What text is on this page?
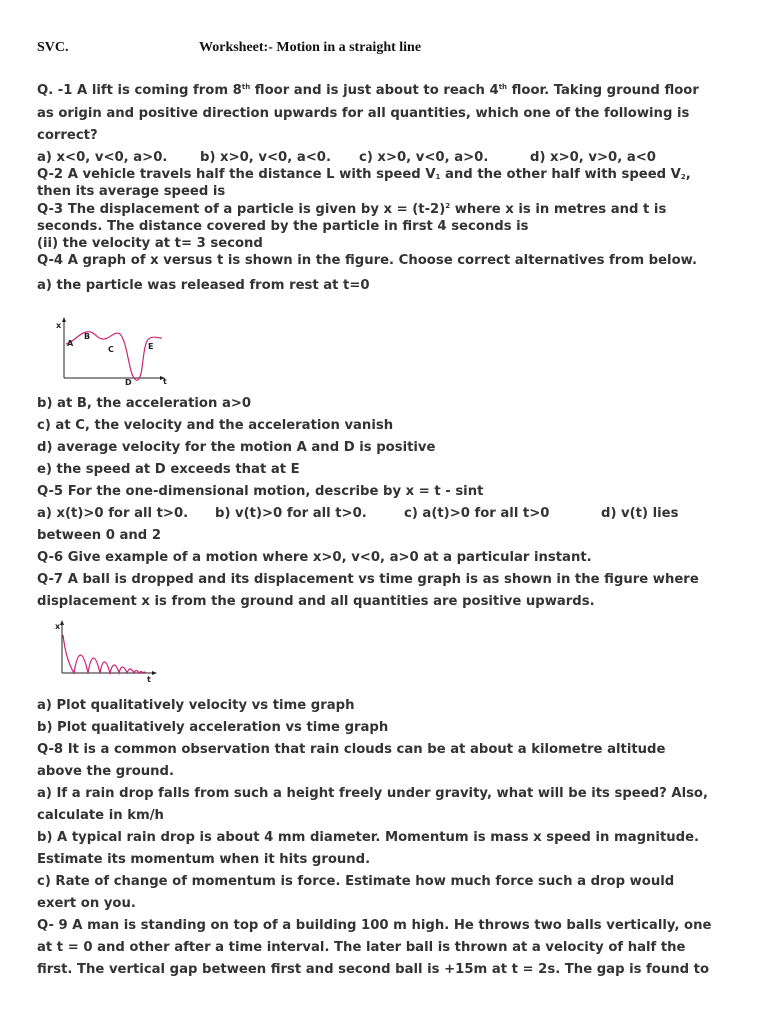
SVC.	Worksheet:- Motion in a straight line
Q. -1 A lift is coming from 8th floor and is just about to reach 4th floor. Taking ground floor
as origin and positive direction upwards for all quantities, which one of the following is
correct?
a) x<0, v<0, a>0. b) x>0, v<0, a<0. c) x>0, v<0, a>0.	d) x>0, v>0, a<0
Q-2 A vehicle travels half the distance L with speed $V_1$ and the other half with speed $V_2$,
then its average speed is
Q-3 The displacement of a particle is given by $x = (t-2)^2$ where x is in metres and t is
seconds. The distance covered by the particle in first 4 seconds is
(ii) the velocity at t= 3 second
Q-4 A graph of x versus t is shown in the figure. Choose correct alternatives from below.
a) the particle was released from rest at t=0
x
t
A
B
C
D
E
b) at B, the acceleration a>0
c) at C, the velocity and the acceleration vanish
d) average velocity for the motion A and D is positive
e) the speed at D exceeds that at E
Q-5 For the one-dimensional motion, describe by x = t - sint
a) x(t)>0 for all t>0. b) v(t)>0 for all t>0.	c) a(t)>0 for all t>0	d) v(t) lies
between 0 and 2
Q-6 Give example of a motion where x>0, v<0, a>0 at a particular instant.
Q-7 A ball is dropped and its displacement vs time graph is as shown in the figure where
displacement x is from the ground and all quantities are positive upwards.
x
t
a) Plot qualitatively velocity vs time graph
b) Plot qualitatively acceleration vs time graph
Q-8 It is a common observation that rain clouds can be at about a kilometre altitude
above the ground.
a) If a rain drop falls from such a height freely under gravity, what will be its speed? Also,
calculate in km/h
b) A typical rain drop is about 4 mm diameter. Momentum is mass x speed in magnitude.
Estimate its momentum when it hits ground.
c) Rate of change of momentum is force. Estimate how much force such a drop would
exert on you.
Q- 9 A man is standing on top of a building 100 m high. He throws two balls vertically, one
at t = 0 and other after a time interval. The later ball is thrown at a velocity of half the
first. The vertical gap between first and second ball is +15m at t = 2s. The gap is found to
